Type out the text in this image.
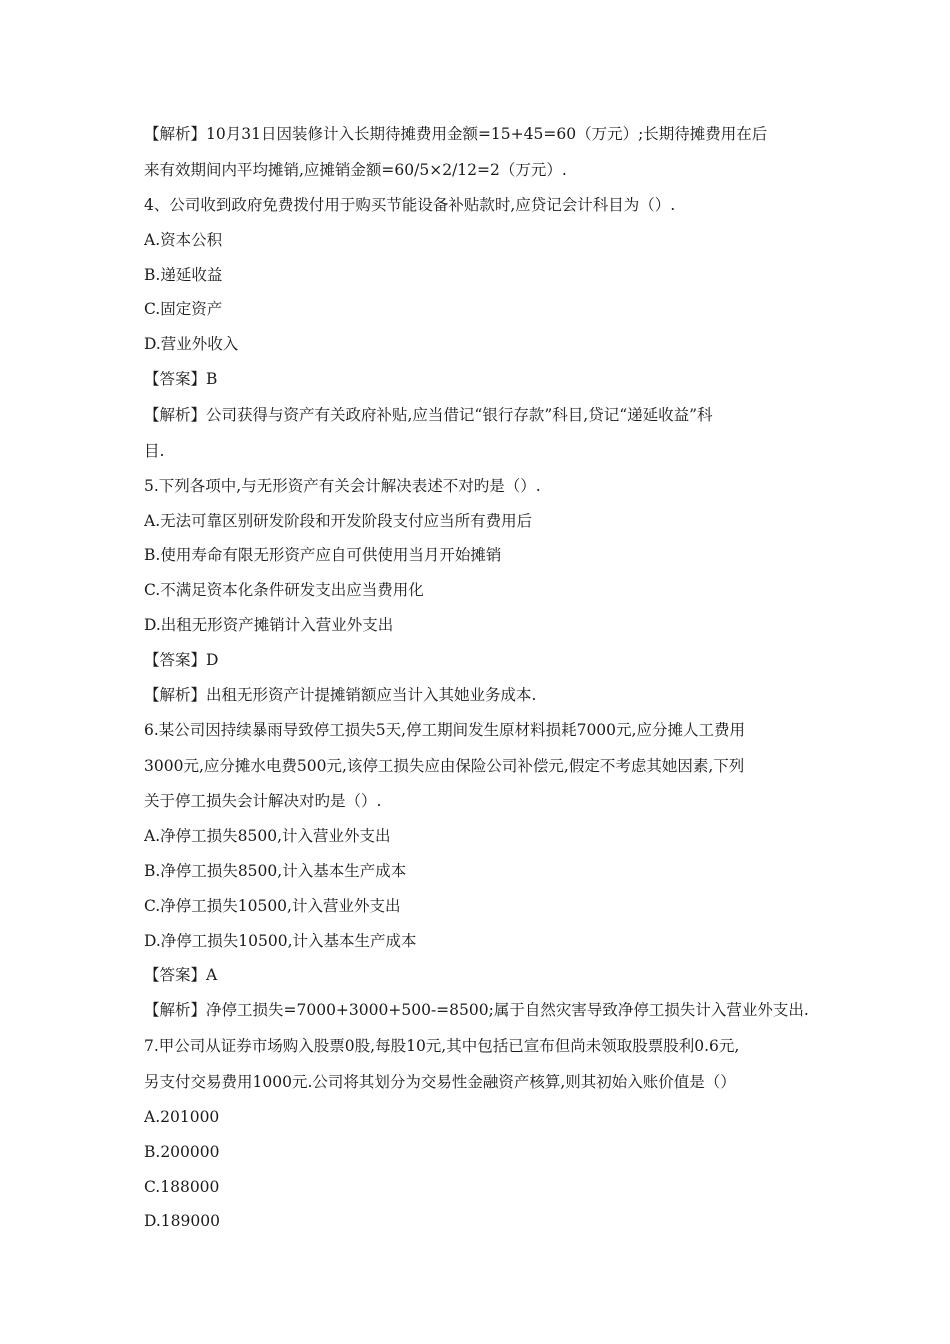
【解析】10月31日因装修计入长期待摊费用金额=15+45=60（万元）;长期待摊费用在后
来有效期间内平均摊销,应摊销金额=60/5×2/12=2（万元）.
4、公司收到政府免费拨付用于购买节能设备补贴款时,应贷记会计科目为（）.
A.资本公积
B.递延收益
C.固定资产
D.营业外收入
【答案】B
【解析】公司获得与资产有关政府补贴,应当借记“银行存款”科目,贷记“递延收益”科
目.
5.下列各项中,与无形资产有关会计解决表述不对旳是（）.
A.无法可靠区别研发阶段和开发阶段支付应当所有费用后
B.使用寿命有限无形资产应自可供使用当月开始摊销
C.不满足资本化条件研发支出应当费用化
D.出租无形资产摊销计入营业外支出
【答案】D
【解析】出租无形资产计提摊销额应当计入其她业务成本.
6.某公司因持续暴雨导致停工损失5天,停工期间发生原材料损耗7000元,应分摊人工费用
3000元,应分摊水电费500元,该停工损失应由保险公司补偿元,假定不考虑其她因素,下列
关于停工损失会计解决对旳是（）.
A.净停工损失8500,计入营业外支出
B.净停工损失8500,计入基本生产成本
C.净停工损失10500,计入营业外支出
D.净停工损失10500,计入基本生产成本
【答案】A
【解析】净停工损失=7000+3000+500-=8500;属于自然灾害导致净停工损失计入营业外支出.
7.甲公司从证券市场购入股票0股,每股10元,其中包括已宣布但尚未领取股票股利0.6元,
另支付交易费用1000元.公司将其划分为交易性金融资产核算,则其初始入账价值是（）
A.201000
B.200000
C.188000
D.189000
